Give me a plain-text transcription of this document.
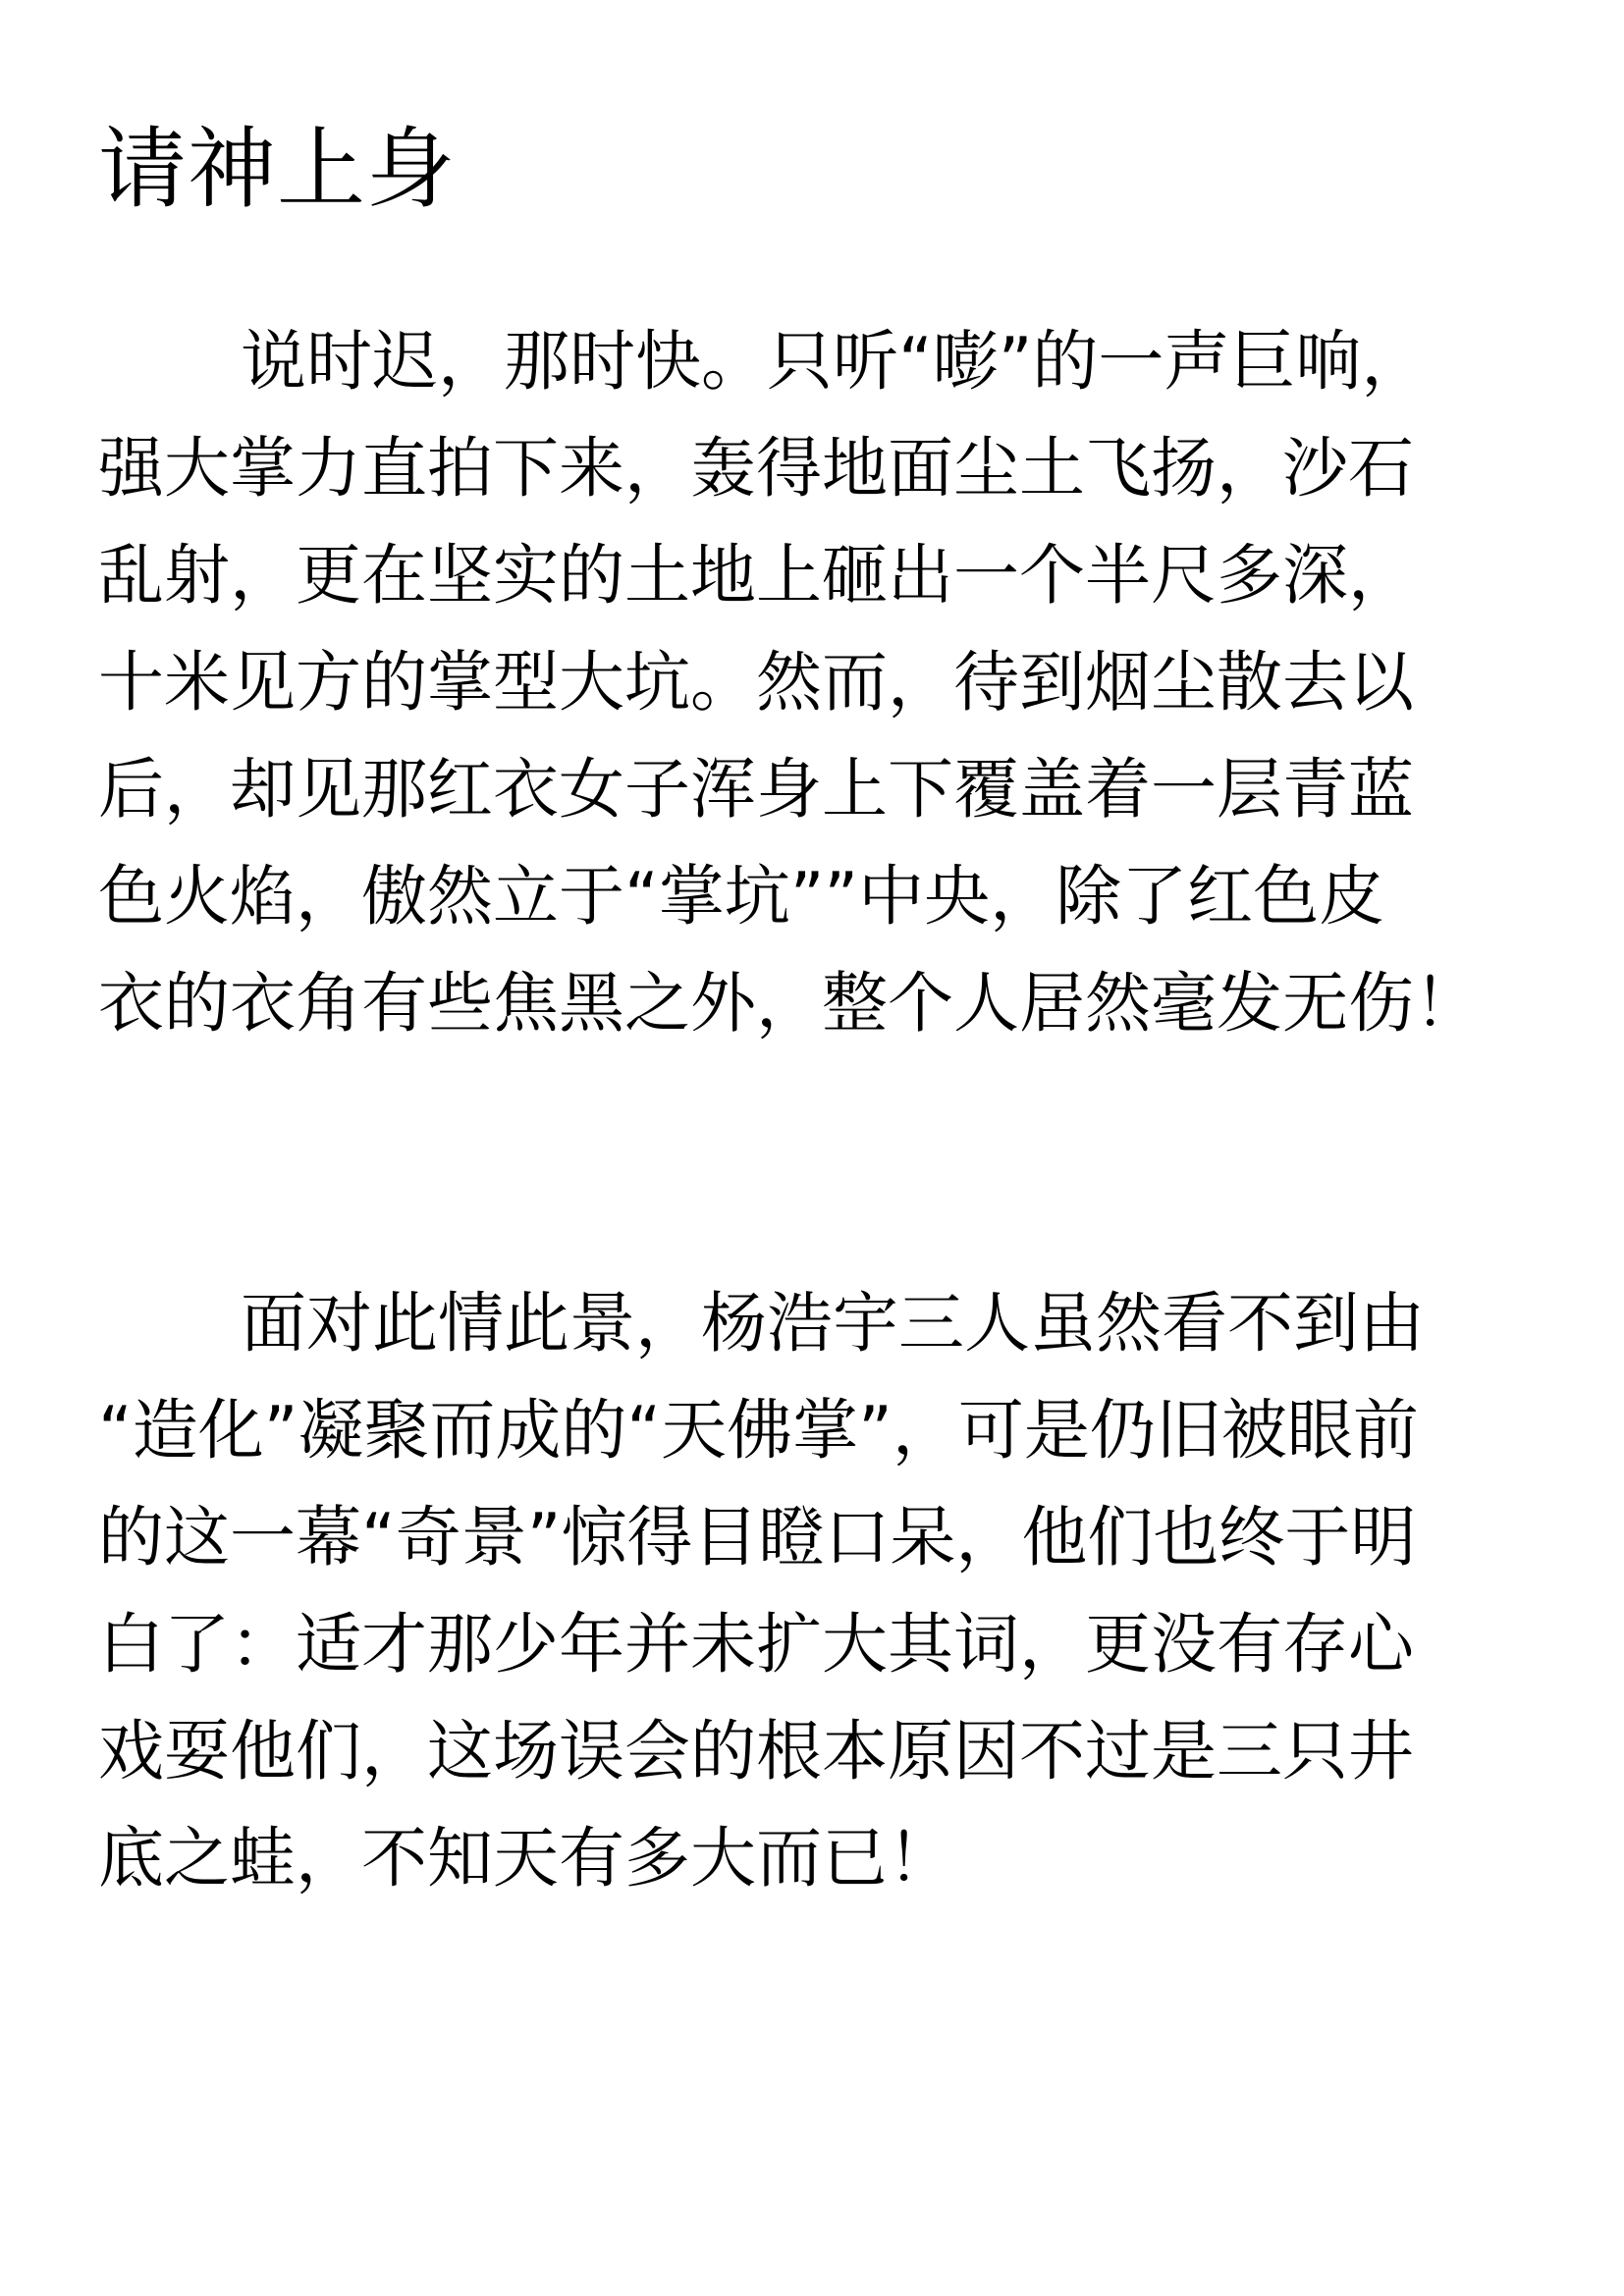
请神上身

说时迟，那时快。只听“嘭”的一声巨响，

强大掌力直拍下来，轰得地面尘土飞扬，沙石

乱射，更在坚实的土地上砸出一个半尺多深，

十米见方的掌型大坑。然而，待到烟尘散去以

后，却见那红衣女子浑身上下覆盖着一层青蓝

色火焰，傲然立于“掌坑””中央，除了红色皮

衣的衣角有些焦黑之外，整个人居然毫发无伤！

面对此情此景，杨浩宇三人虽然看不到由

“造化”凝聚而成的“天佛掌”，可是仍旧被眼前

的这一幕“奇景”惊得目瞪口呆，他们也终于明

白了：适才那少年并未扩大其词，更没有存心

戏耍他们，这场误会的根本原因不过是三只井

底之蛙，不知天有多大而已！
